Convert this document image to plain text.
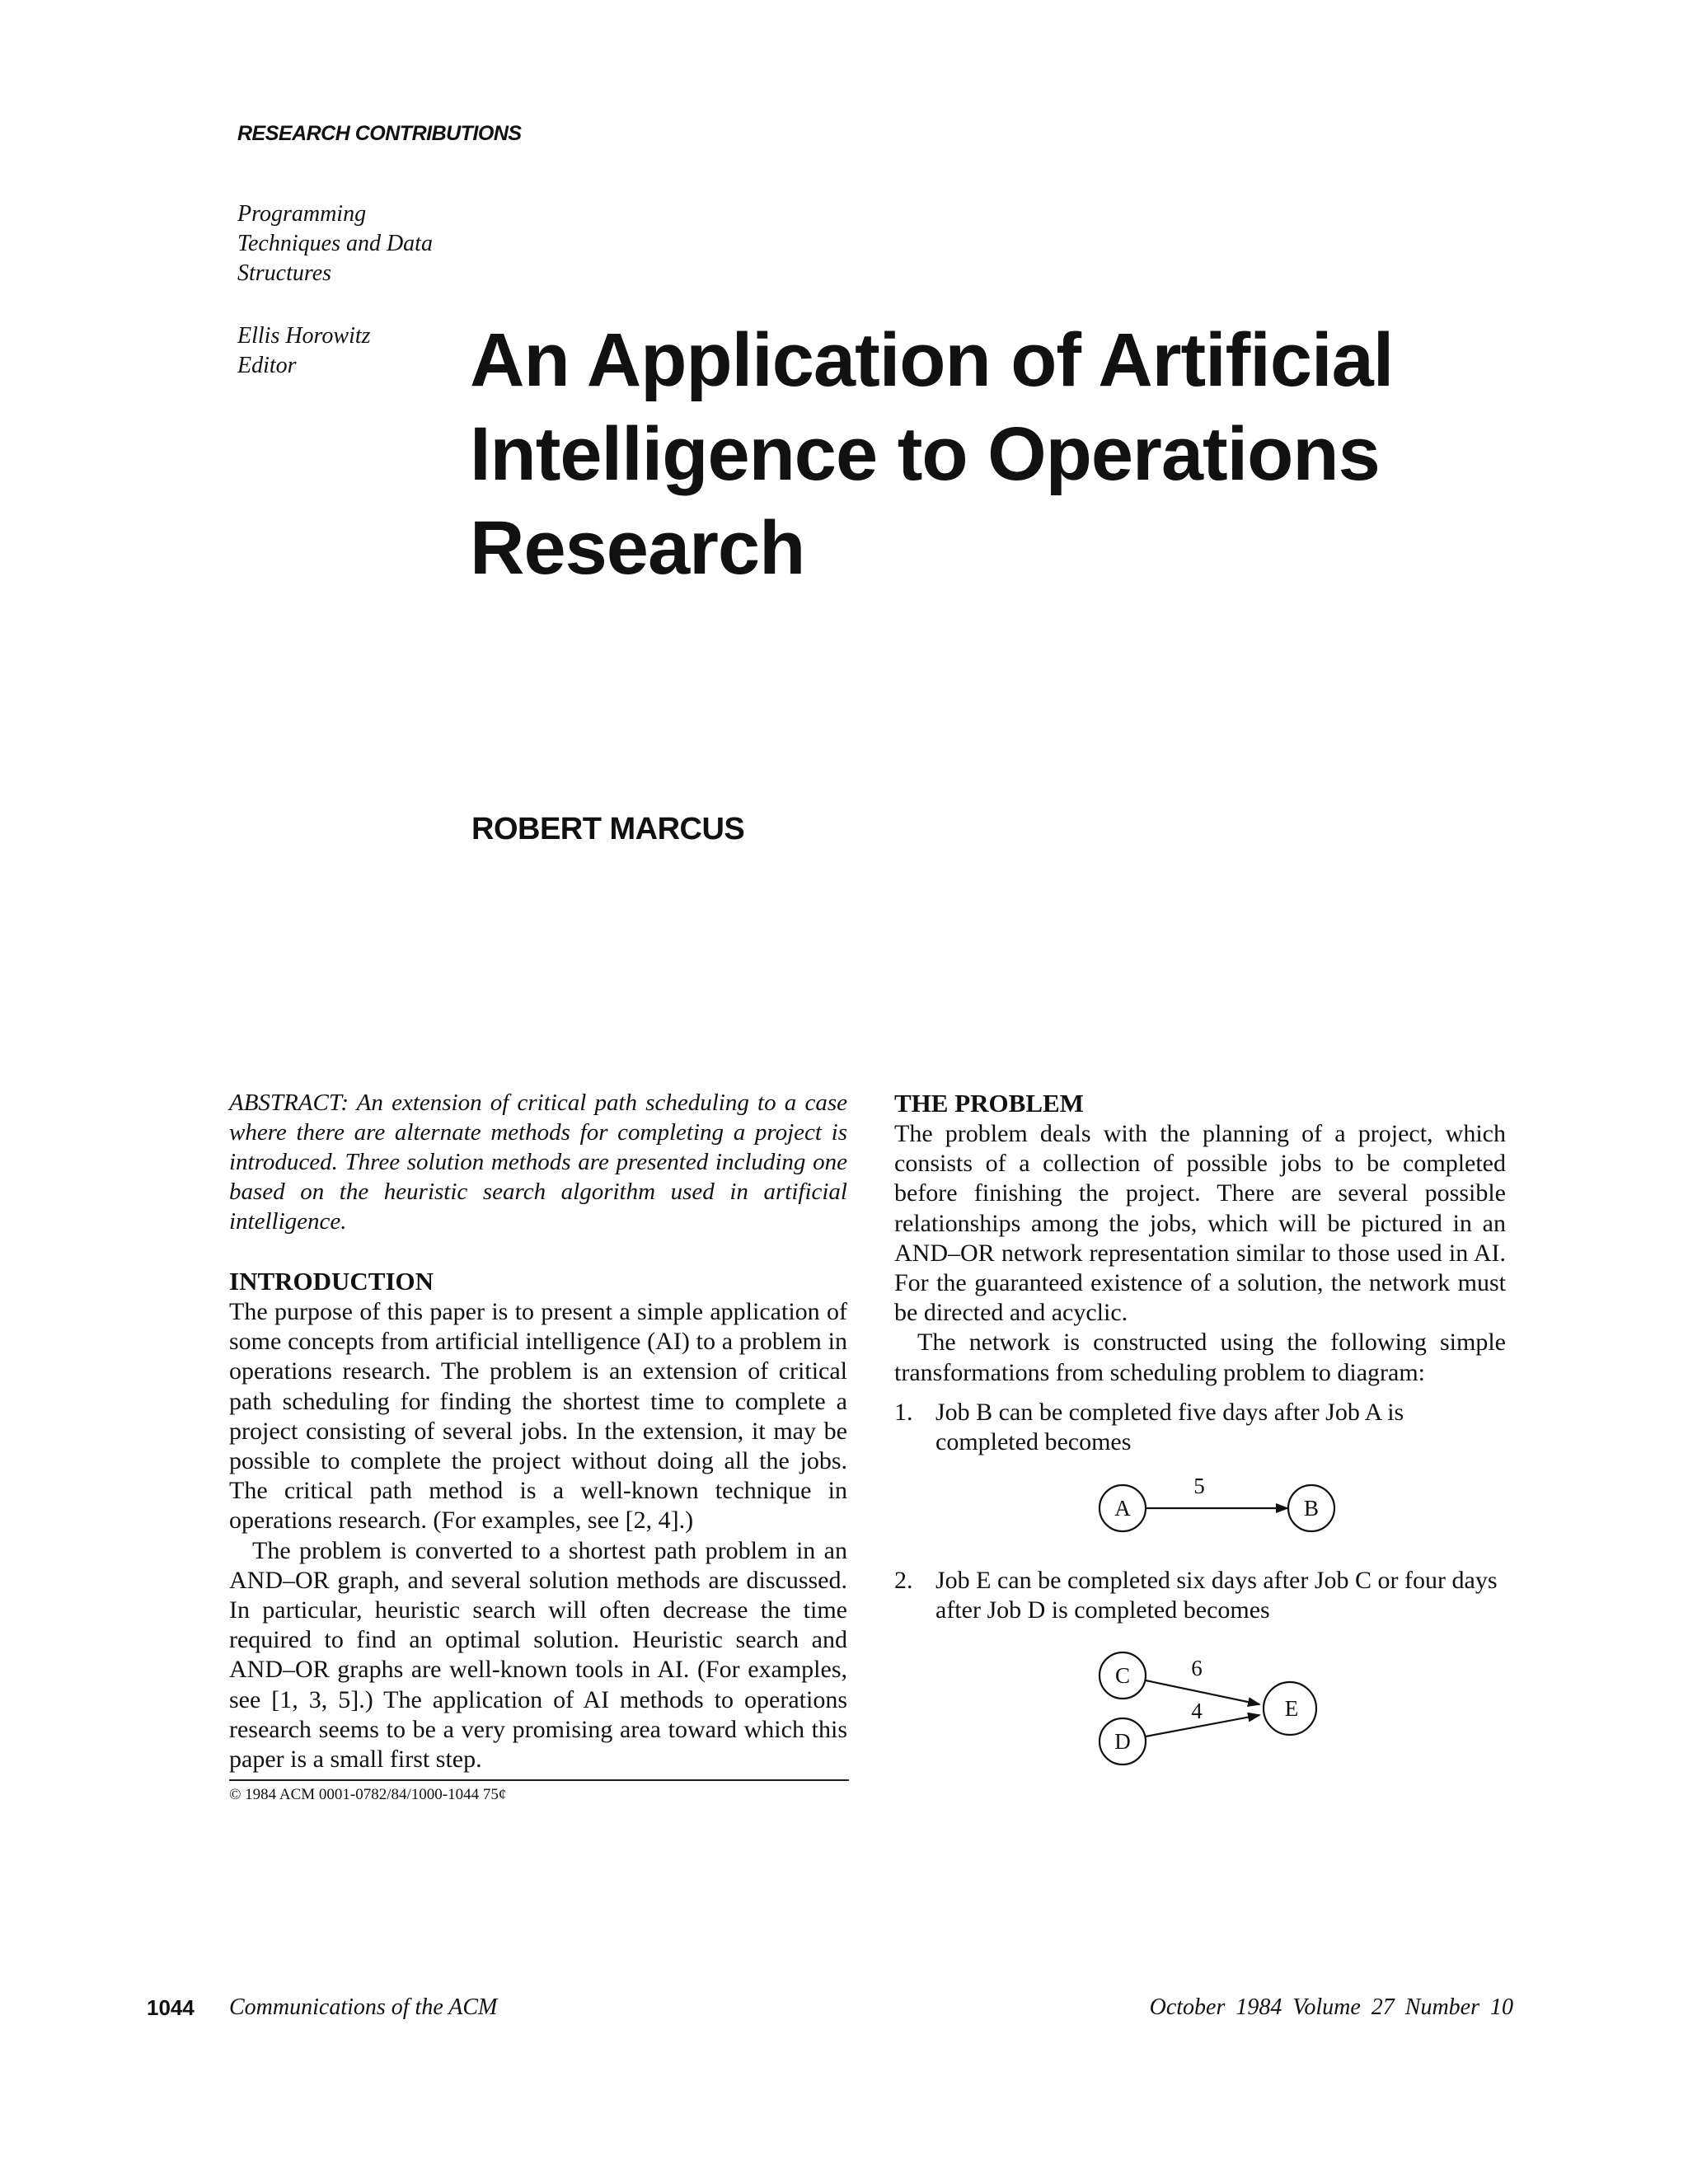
RESEARCH CONTRIBUTIONS
Programming Techniques and Data Structures
Ellis Horowitz
Editor	An Application of Artificial
Intelligence to Operations
Research
ROBERT MARCUS

ABSTRACT: An extension of critical path scheduling to a case where there are alternate methods for completing a project is introduced. Three solution methods are presented including one based on the heuristic search algorithm used in artificial intelligence.

INTRODUCTION

The purpose of this paper is to present a simple application of some concepts from artificial intelligence (AI) to a problem in operations research. The problem is an extension of critical path scheduling for finding the shortest time to complete a project consisting of several jobs. In the extension, it may be possible to complete the project without doing all the jobs. The critical path method is a well-known technique in operations research. (For examples, see [2, 4].)

The problem is converted to a shortest path problem in an AND–OR graph, and several solution methods are discussed. In particular, heuristic search will often decrease the time required to find an optimal solution. Heuristic search and AND–OR graphs are well-known tools in AI. (For examples, see [1, 3, 5].) The application of AI methods to operations research seems to be a very promising area toward which this paper is a small first step.

© 1984 ACM 0001-0782/84/1000-1044 75¢
THE PROBLEM

The problem deals with the planning of a project, which consists of a collection of possible jobs to be completed before finishing the project. There are several possible relationships among the jobs, which will be pictured in an AND–OR network representation similar to those used in AI. For the guaranteed existence of a solution, the network must be directed and acyclic.

The network is constructed using the following simple transformations from scheduling problem to diagram:

1. Job B can be completed five days after Job A is completed becomes
A
5
B
2. Job E can be completed six days after Job C or four days after Job D is completed becomes
C
D
6
4	E
1044 Communications of the ACM	October 1984 Volume 27 Number 10
